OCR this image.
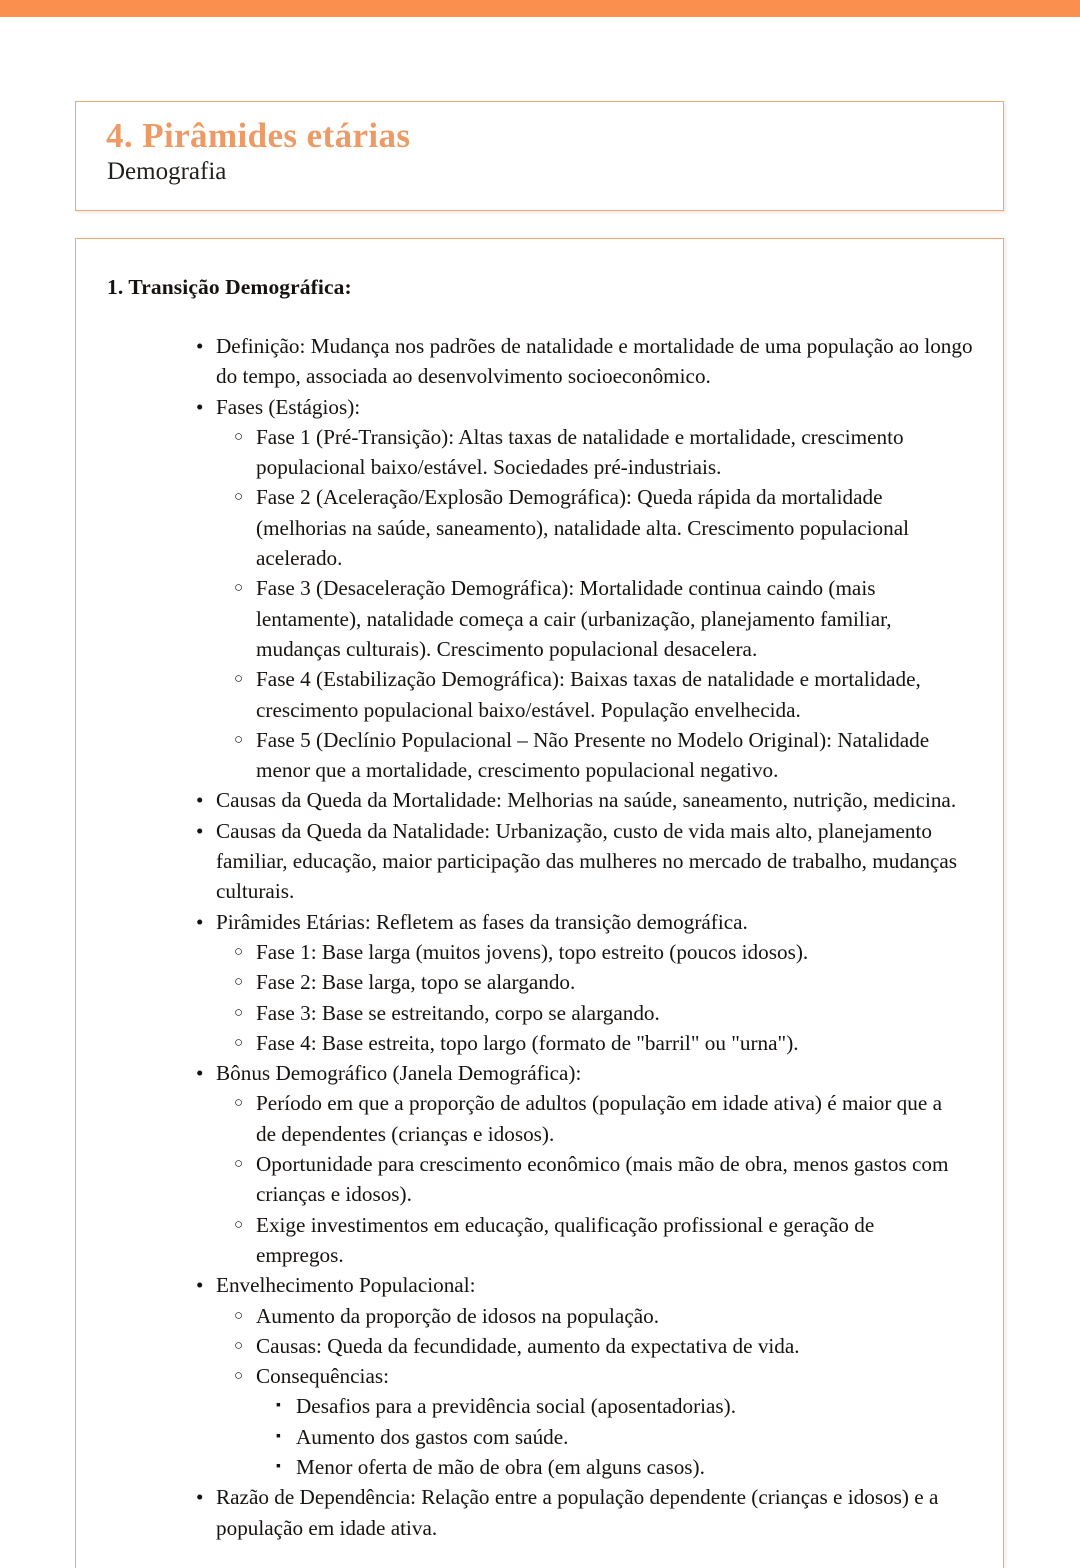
4. Pirâmides etárias
Demografia
1. Transição Demográfica:
• Definição: Mudança nos padrões de natalidade e mortalidade de uma população ao longo do tempo, associada ao desenvolvimento socioeconômico.
• Fases (Estágios):
○ Fase 1 (Pré-Transição): Altas taxas de natalidade e mortalidade, crescimento populacional baixo/estável. Sociedades pré-industriais.
○ Fase 2 (Aceleração/Explosão Demográfica): Queda rápida da mortalidade (melhorias na saúde, saneamento), natalidade alta. Crescimento populacional acelerado.
○ Fase 3 (Desaceleração Demográfica): Mortalidade continua caindo (mais lentamente), natalidade começa a cair (urbanização, planejamento familiar, mudanças culturais). Crescimento populacional desacelera.
○ Fase 4 (Estabilização Demográfica): Baixas taxas de natalidade e mortalidade, crescimento populacional baixo/estável. População envelhecida.
○ Fase 5 (Declínio Populacional – Não Presente no Modelo Original): Natalidade menor que a mortalidade, crescimento populacional negativo.
• Causas da Queda da Mortalidade: Melhorias na saúde, saneamento, nutrição, medicina.
• Causas da Queda da Natalidade: Urbanização, custo de vida mais alto, planejamento familiar, educação, maior participação das mulheres no mercado de trabalho, mudanças culturais.
• Pirâmides Etárias: Refletem as fases da transição demográfica.
○ Fase 1: Base larga (muitos jovens), topo estreito (poucos idosos).
○ Fase 2: Base larga, topo se alargando.
○ Fase 3: Base se estreitando, corpo se alargando.
○ Fase 4: Base estreita, topo largo (formato de "barril" ou "urna").
• Bônus Demográfico (Janela Demográfica):
○ Período em que a proporção de adultos (população em idade ativa) é maior que a de dependentes (crianças e idosos).
○ Oportunidade para crescimento econômico (mais mão de obra, menos gastos com crianças e idosos).
○ Exige investimentos em educação, qualificação profissional e geração de empregos.
• Envelhecimento Populacional:
○ Aumento da proporção de idosos na população.
○ Causas: Queda da fecundidade, aumento da expectativa de vida.
○ Consequências:
▪ Desafios para a previdência social (aposentadorias).
▪ Aumento dos gastos com saúde.
▪ Menor oferta de mão de obra (em alguns casos).
• Razão de Dependência: Relação entre a população dependente (crianças e idosos) e a população em idade ativa.
